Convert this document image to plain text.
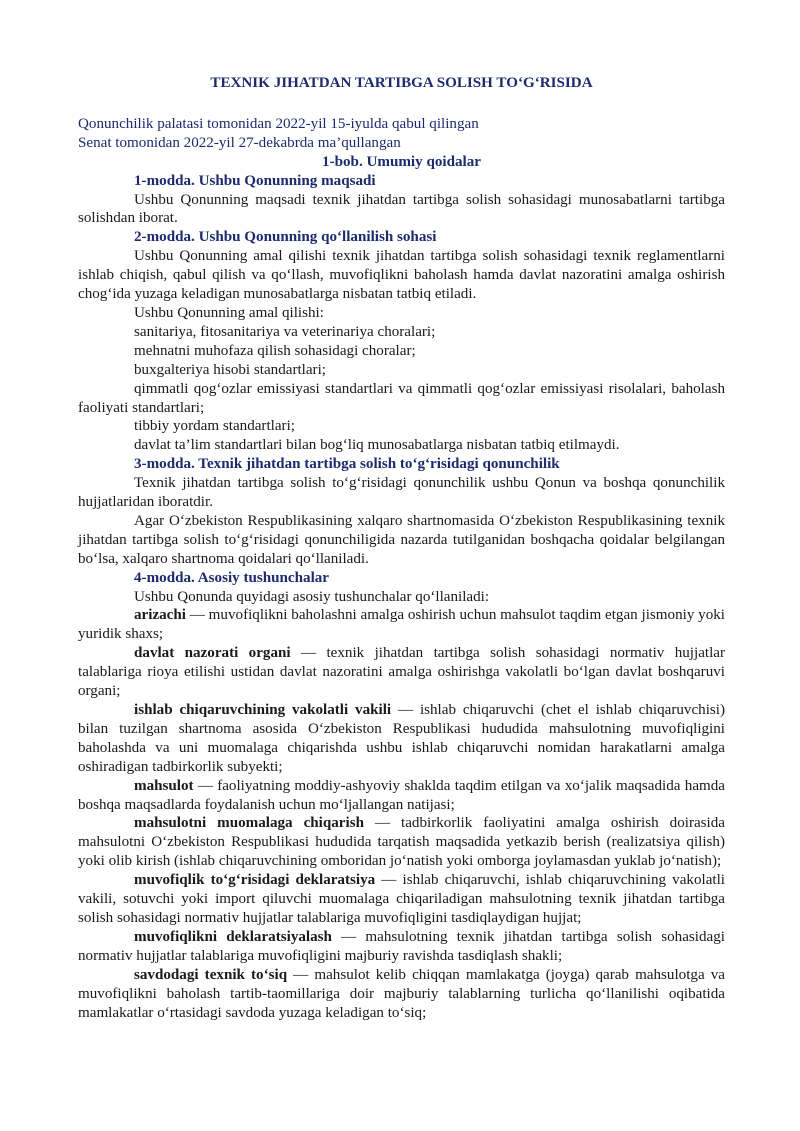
TEXNIK JIHATDAN TARTIBGA SOLISH TO‘G‘RISIDA

Qonunchilik palatasi tomonidan 2022-yil 15-iyulda qabul qilingan

Senat tomonidan 2022-yil 27-dekabrda ma’qullangan

1-bob. Umumiy qoidalar

1-modda. Ushbu Qonunning maqsadi

Ushbu Qonunning maqsadi texnik jihatdan tartibga solish sohasidagi munosabatlarni tartibga solishdan iborat.

2-modda. Ushbu Qonunning qo‘llanilish sohasi

Ushbu Qonunning amal qilishi texnik jihatdan tartibga solish sohasidagi texnik reglamentlarni ishlab chiqish, qabul qilish va qo‘llash, muvofiqlikni baholash hamda davlat nazoratini amalga oshirish chog‘ida yuzaga keladigan munosabatlarga nisbatan tatbiq etiladi.

Ushbu Qonunning amal qilishi:

sanitariya, fitosanitariya va veterinariya choralari;

mehnatni muhofaza qilish sohasidagi choralar;

buxgalteriya hisobi standartlari;

qimmatli qog‘ozlar emissiyasi standartlari va qimmatli qog‘ozlar emissiyasi risolalari, baholash faoliyati standartlari;

tibbiy yordam standartlari;

davlat ta’lim standartlari bilan bog‘liq munosabatlarga nisbatan tatbiq etilmaydi.

3-modda. Texnik jihatdan tartibga solish to‘g‘risidagi qonunchilik

Texnik jihatdan tartibga solish to‘g‘risidagi qonunchilik ushbu Qonun va boshqa qonunchilik hujjatlaridan iboratdir.

Agar O‘zbekiston Respublikasining xalqaro shartnomasida O‘zbekiston Respublikasining texnik jihatdan tartibga solish to‘g‘risidagi qonunchiligida nazarda tutilganidan boshqacha qoidalar belgilangan bo‘lsa, xalqaro shartnoma qoidalari qo‘llaniladi.

4-modda. Asosiy tushunchalar

Ushbu Qonunda quyidagi asosiy tushunchalar qo‘llaniladi:

arizachi — muvofiqlikni baholashni amalga oshirish uchun mahsulot taqdim etgan jismoniy yoki yuridik shaxs;

davlat nazorati organi — texnik jihatdan tartibga solish sohasidagi normativ hujjatlar talablariga rioya etilishi ustidan davlat nazoratini amalga oshirishga vakolatli bo‘lgan davlat boshqaruvi organi;

ishlab chiqaruvchining vakolatli vakili — ishlab chiqaruvchi (chet el ishlab chiqaruvchisi) bilan tuzilgan shartnoma asosida O‘zbekiston Respublikasi hududida mahsulotning muvofiqligini baholashda va uni muomalaga chiqarishda ushbu ishlab chiqaruvchi nomidan harakatlarni amalga oshiradigan tadbirkorlik subyekti;

mahsulot — faoliyatning moddiy-ashyoviy shaklda taqdim etilgan va xo‘jalik maqsadida hamda boshqa maqsadlarda foydalanish uchun mo‘ljallangan natijasi;

mahsulotni muomalaga chiqarish — tadbirkorlik faoliyatini amalga oshirish doirasida mahsulotni O‘zbekiston Respublikasi hududida tarqatish maqsadida yetkazib berish (realizatsiya qilish) yoki olib kirish (ishlab chiqaruvchining omboridan jo‘natish yoki omborga joylamasdan yuklab jo‘natish);

muvofiqlik to‘g‘risidagi deklaratsiya — ishlab chiqaruvchi, ishlab chiqaruvchining vakolatli vakili, sotuvchi yoki import qiluvchi muomalaga chiqariladigan mahsulotning texnik jihatdan tartibga solish sohasidagi normativ hujjatlar talablariga muvofiqligini tasdiqlaydigan hujjat;

muvofiqlikni deklaratsiyalash — mahsulotning texnik jihatdan tartibga solish sohasidagi normativ hujjatlar talablariga muvofiqligini majburiy ravishda tasdiqlash shakli;

savdodagi texnik to‘siq — mahsulot kelib chiqqan mamlakatga (joyga) qarab mahsulotga va muvofiqlikni baholash tartib-taomillariga doir majburiy talablarning turlicha qo‘llanilishi oqibatida mamlakatlar o‘rtasidagi savdoda yuzaga keladigan to‘siq;
